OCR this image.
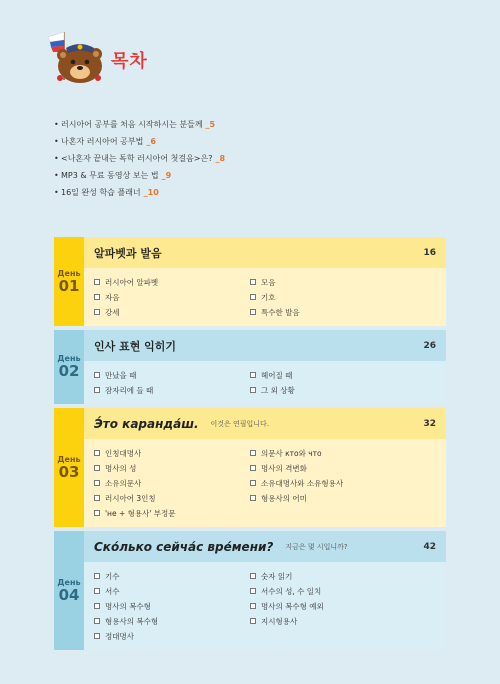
목차
• 러시아어 공부를 처음 시작하시는 분들께 _5
• 나혼자 러시아어 공부법 _6
• <나혼자 끝내는 독학 러시아어 첫걸음>은? _8
• MP3 & 무료 동영상 보는 법 _9
• 16일 완성 학습 플래너 _10
День
01
알파벳과 발음	16
러시아어 알파벳	모음
자음	기호
강세	특수한 발음
День
02
인사 표현 익히기	26
만났을 때	헤어질 때
잠자리에 들 때	그 외 상황
День
03
Э́то каранда́ш. 이것은 연필입니다.	32
인칭대명사	의문사 кто와 что
명사의 성	명사의 격변화
소유의문사	소유대명사와 소유형용사
러시아어 3인칭	형용사의 어미
'не + 형용사' 부정문
День
04
Ско́лько сейча́с вре́мени? 지금은 몇 시입니까?	42
기수	숫자 읽기
서수	서수의 성, 수 일치
명사의 복수형	명사의 복수형 예외
형용사의 복수형	지시형용사
정대명사
